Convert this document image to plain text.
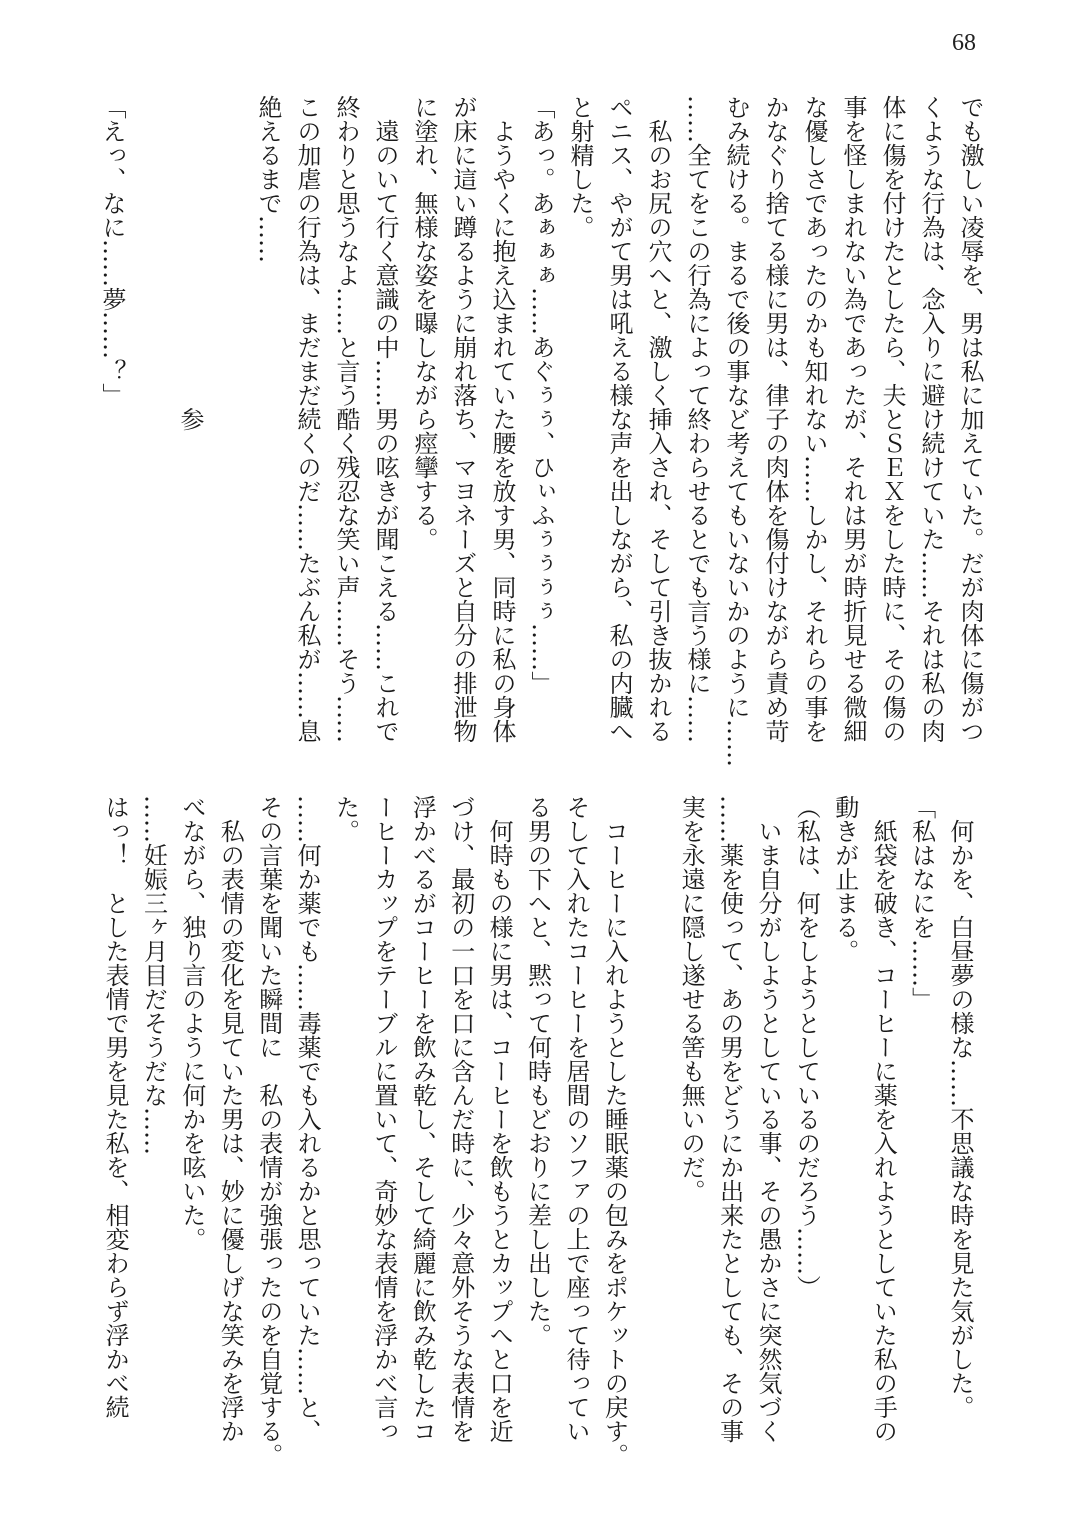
68
でも激しい凌辱を、男は私に加えていた。だが肉体に傷がつ
くような行為は、念入りに避け続けていた……それは私の肉
体に傷を付けたとしたら、夫とＳＥＸをした時に、その傷の
事を怪しまれない為であったが、それは男が時折見せる微細
な優しさであったのかも知れない……しかし、それらの事を
かなぐり捨てる様に男は、律子の肉体を傷付けながら責め苛
むみ続ける。まるで後の事など考えてもいないかのように……
……全てをこの行為によって終わらせるとでも言う様に……
　私のお尻の穴へと、激しく挿入され、そして引き抜かれる
ペニス、やがて男は吼える様な声を出しながら、私の内臓へ
と射精した。
「あっ。あぁぁぁ……あぐぅぅ、ひぃふぅぅぅぅ……」
　ようやくに抱え込まれていた腰を放す男、同時に私の身体
が床に這い蹲るように崩れ落ち、マヨネーズと自分の排泄物
に塗れ、無様な姿を曝しながら痙攣する。
　遠のいて行く意識の中……男の呟きが聞こえる……これで
終わりと思うなよ……と言う酷く残忍な笑い声……そう……
この加虐の行為は、まだまだ続くのだ……たぶん私が……息
絶えるまで……

参

「えっ、なに……夢……？」
　何かを、白昼夢の様な……不思議な時を見た気がした。
「私はなにを……」
　紙袋を破き、コーヒーに薬を入れようとしていた私の手の
動きが止まる。
（私は、何をしようとしているのだろう……）
　いま自分がしようとしている事、その愚かさに突然気づく
……薬を使って、あの男をどうにか出来たとしても、その事
実を永遠に隠し遂せる筈も無いのだ。

　コーヒーに入れようとした睡眠薬の包みをポケットの戻す。
そして入れたコーヒーを居間のソファの上で座って待ってい
る男の下へと、黙って何時もどおりに差し出した。
　何時もの様に男は、コーヒーを飲もうとカップへと口を近
づけ、最初の一口を口に含んだ時に、少々意外そうな表情を
浮かべるがコーヒーを飲み乾し、そして綺麗に飲み乾したコ
ーヒーカップをテーブルに置いて、奇妙な表情を浮かべ言っ
た。
……何か薬でも……毒薬でも入れるかと思っていた……と、
その言葉を聞いた瞬間に　私の表情が強張ったのを自覚する。
　私の表情の変化を見ていた男は、妙に優しげな笑みを浮か
べながら、独り言のように何かを呟いた。
……妊娠三ヶ月目だそうだな……
はっ！　とした表情で男を見た私を、相変わらず浮かべ続
